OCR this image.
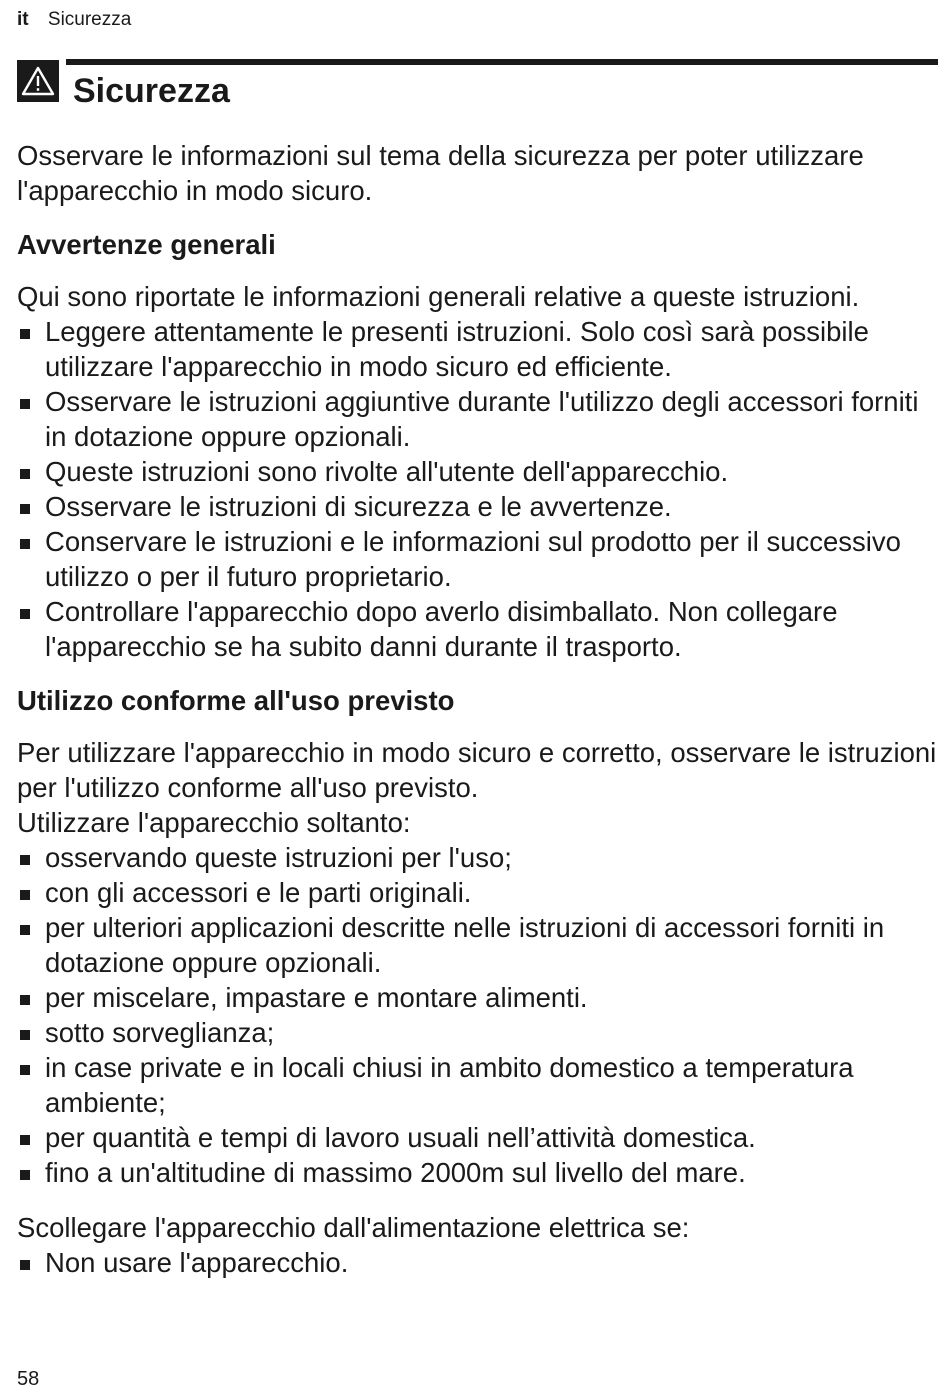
it Sicurezza
Sicurezza

Osservare le informazioni sul tema della sicurezza per poter utilizzare l'apparecchio in modo sicuro.

Avvertenze generali

Qui sono riportate le informazioni generali relative a queste istruzioni.

Leggere attentamente le presenti istruzioni. Solo così sarà possibile utilizzare l'apparecchio in modo sicuro ed efficiente.
Osservare le istruzioni aggiuntive durante l'utilizzo degli accessori forniti in dotazione oppure opzionali.
Queste istruzioni sono rivolte all'utente dell'apparecchio.
Osservare le istruzioni di sicurezza e le avvertenze.
Conservare le istruzioni e le informazioni sul prodotto per il successivo utilizzo o per il futuro proprietario.
Controllare l'apparecchio dopo averlo disimballato. Non collegare l'apparecchio se ha subito danni durante il trasporto.
Utilizzo conforme all'uso previsto

Per utilizzare l'apparecchio in modo sicuro e corretto, osservare le istruzioni per l'utilizzo conforme all'uso previsto.

Utilizzare l'apparecchio soltanto:

osservando queste istruzioni per l'uso;
con gli accessori e le parti originali.
per ulteriori applicazioni descritte nelle istruzioni di accessori forniti in dotazione oppure opzionali.
per miscelare, impastare e montare alimenti.
sotto sorveglianza;
in case private e in locali chiusi in ambito domestico a temperatura ambiente;
per quantità e tempi di lavoro usuali nell’attività domestica.
fino a un'altitudine di massimo 2000m sul livello del mare.

Scollegare l'apparecchio dall'alimentazione elettrica se:

Non usare l'apparecchio.
58
